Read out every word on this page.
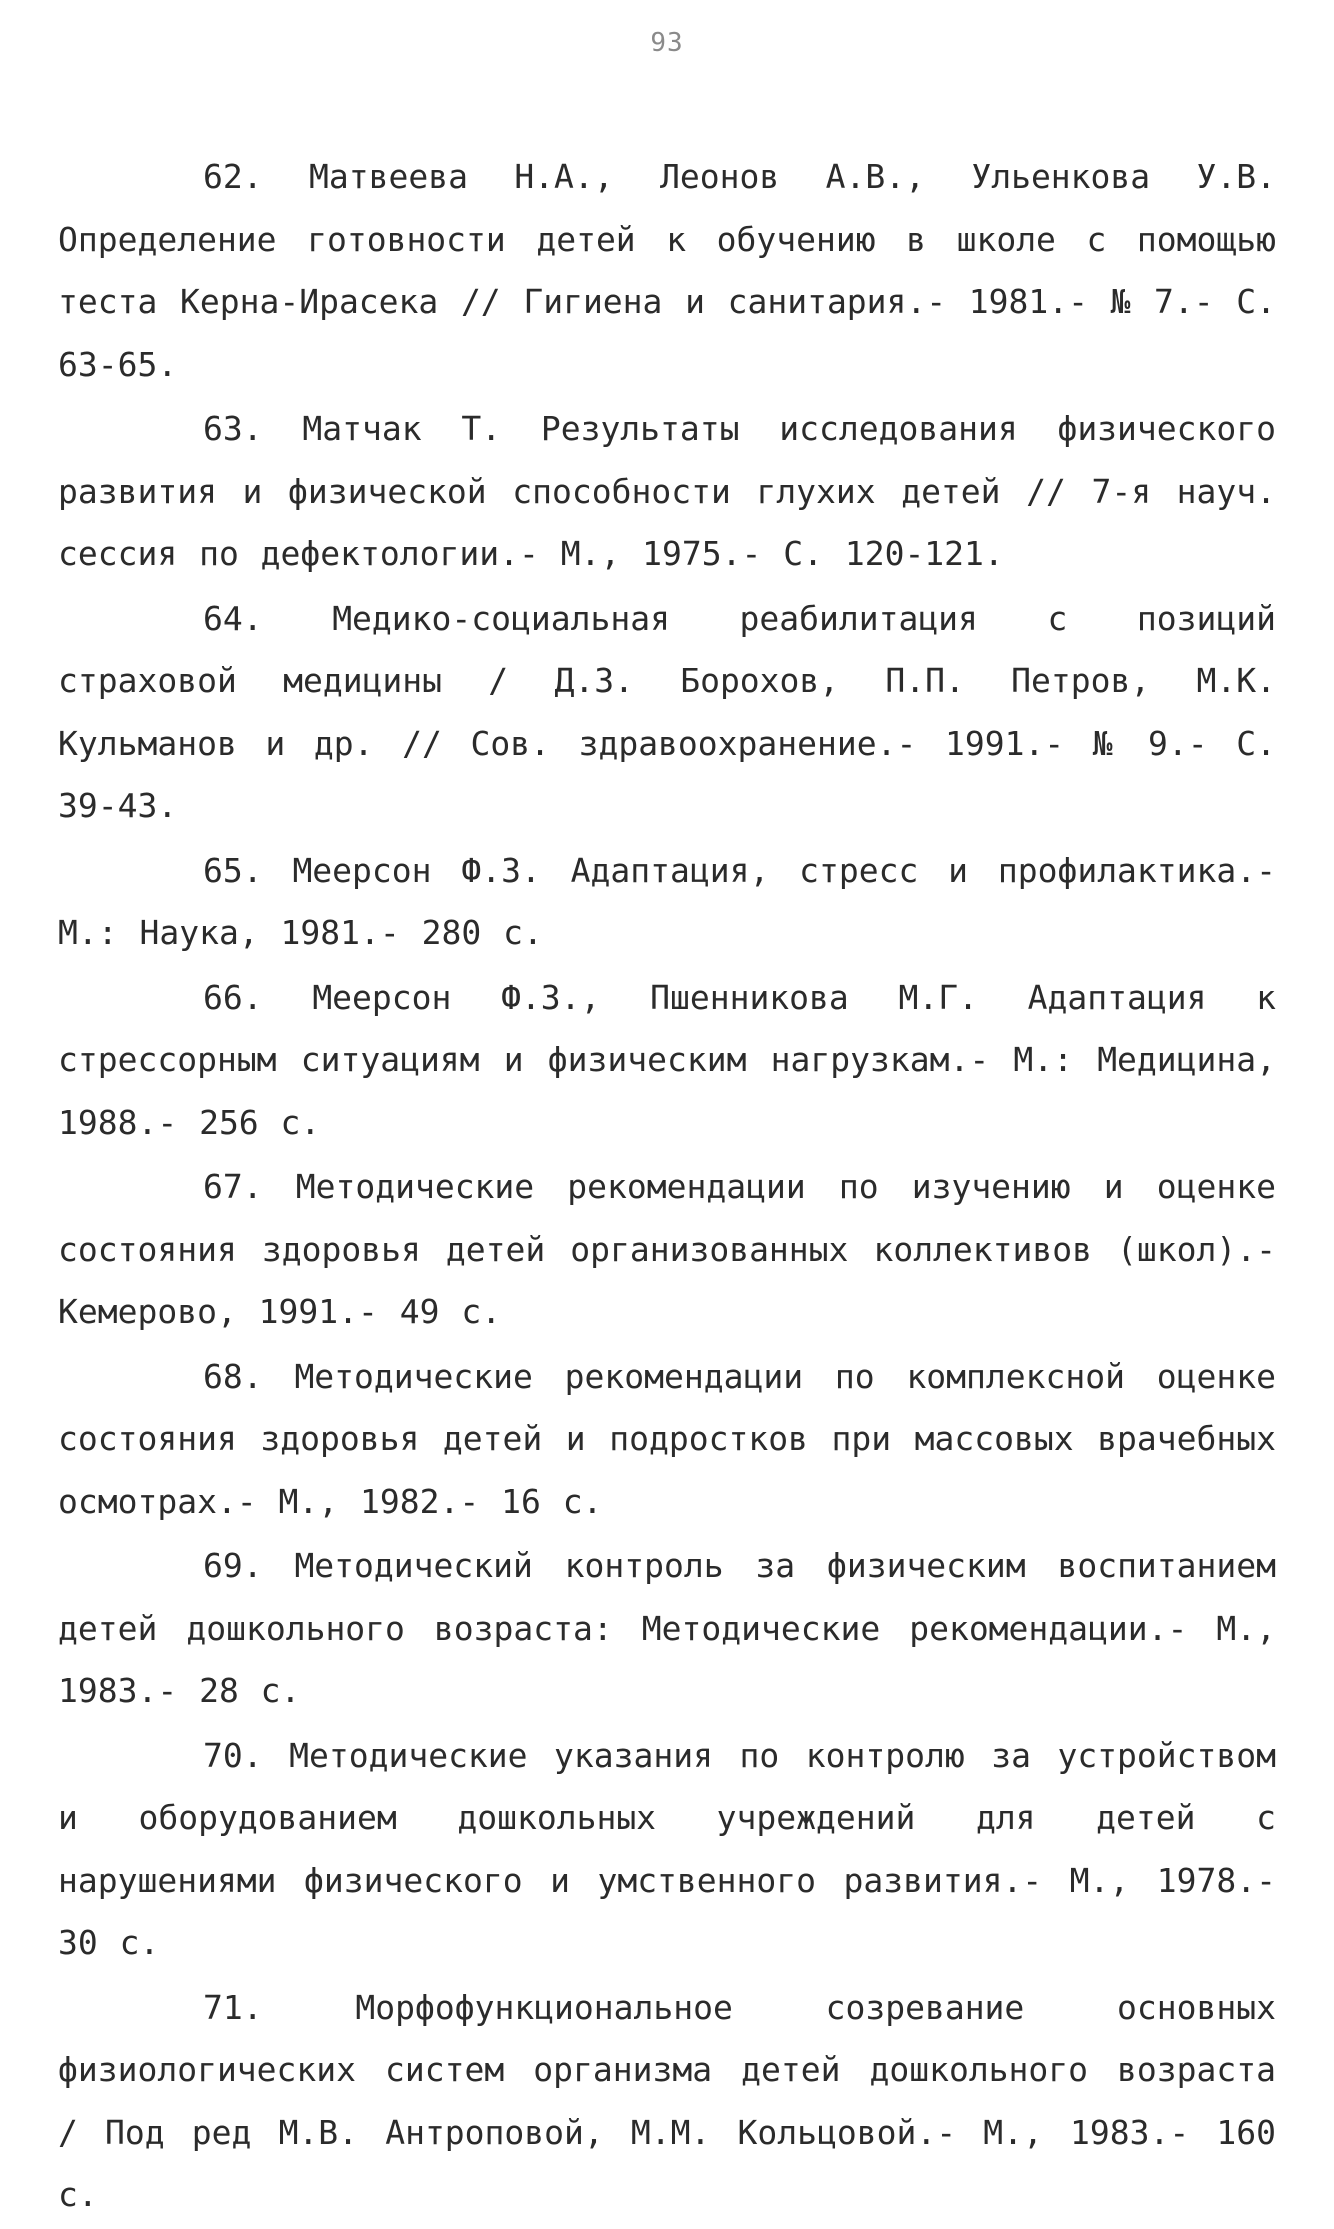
93

62. Матвеева Н.А., Леонов А.В., Ульенкова У.В. Определение готовности детей к обучению в школе с помощью теста Керна-Ирасека // Гигиена и санитария.- 1981.- № 7.- С. 63-65.

63. Матчак Т. Результаты исследования физического развития и физической способности глухих детей // 7-я науч. сессия по дефектологии.- М., 1975.- С. 120-121.

64. Медико-социальная реабилитация с позиций страховой медицины / Д.З. Борохов, П.П. Петров, М.К. Кульманов и др. // Сов. здравоохранение.- 1991.- № 9.- С. 39-43.

65. Меерсон Ф.З. Адаптация, стресс и профилактика.- М.: Наука, 1981.- 280 с.

66. Меерсон Ф.З., Пшенникова М.Г. Адаптация к стрессорным ситуациям и физическим нагрузкам.- М.: Медицина, 1988.- 256 с.

67. Методические рекомендации по изучению и оценке состояния здоровья детей организованных коллективов (школ).- Кемерово, 1991.- 49 с.

68. Методические рекомендации по комплексной оценке состояния здоровья детей и подростков при массовых врачебных осмотрах.- М., 1982.- 16 с.

69. Методический контроль за физическим воспитанием детей дошкольного возраста: Методические рекомендации.- М., 1983.- 28 с.

70. Методические указания по контролю за устройством и оборудованием дошкольных учреждений для детей с нарушениями физического и умственного развития.- М., 1978.- 30 с.

71.	Морфофункциональное созревание основных физиологических систем организма детей дошкольного возраста / Под ред М.В. Антроповой, М.М. Кольцовой.- М., 1983.- 160 с.
